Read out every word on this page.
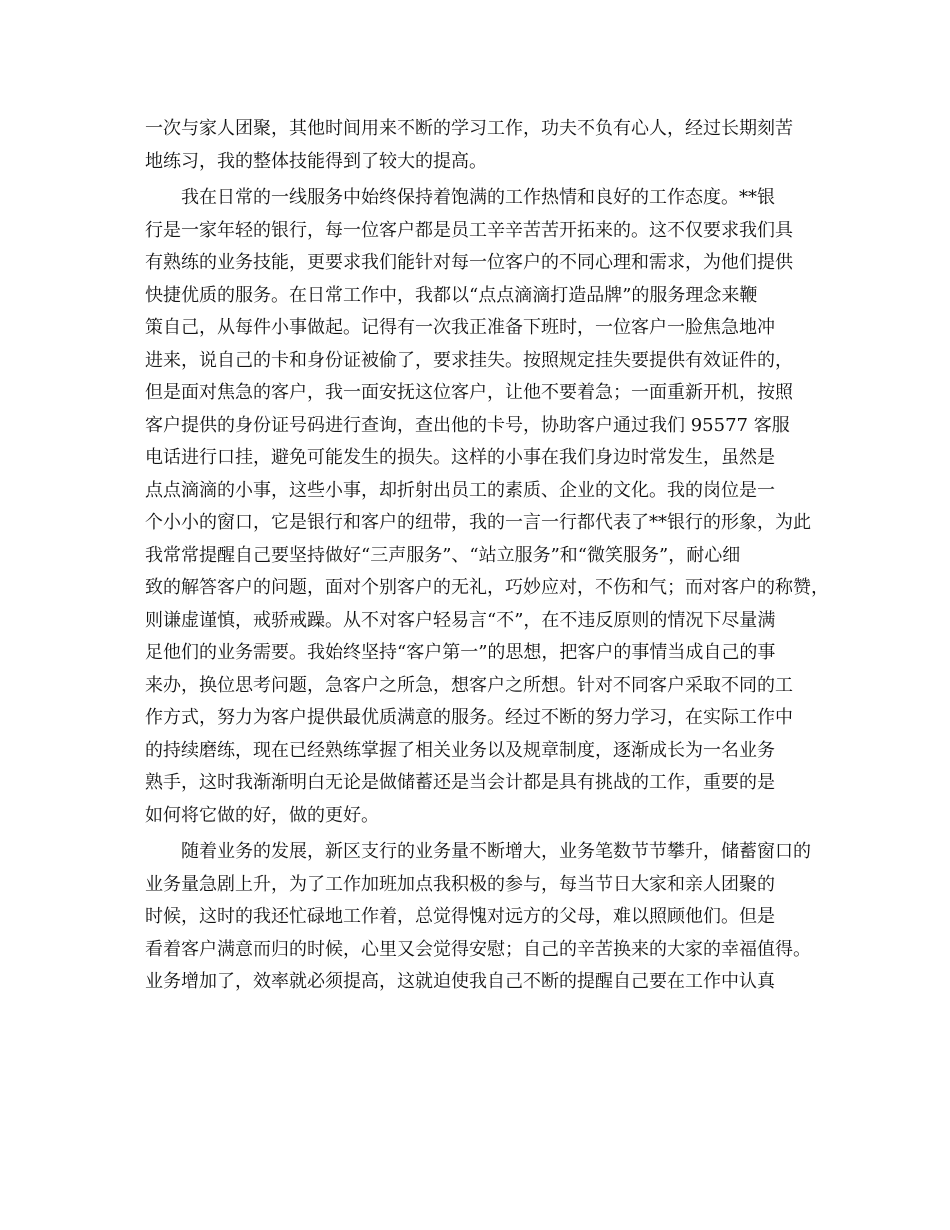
一次与家人团聚，其他时间用来不断的学习工作，功夫不负有心人，经过长期刻苦
地练习，我的整体技能得到了较大的提高。
我在日常的一线服务中始终保持着饱满的工作热情和良好的工作态度。**银
行是一家年轻的银行，每一位客户都是员工辛辛苦苦开拓来的。这不仅要求我们具
有熟练的业务技能，更要求我们能针对每一位客户的不同心理和需求，为他们提供
快捷优质的服务。在日常工作中，我都以“点点滴滴打造品牌”的服务理念来鞭
策自己，从每件小事做起。记得有一次我正准备下班时，一位客户一脸焦急地冲
进来，说自己的卡和身份证被偷了，要求挂失。按照规定挂失要提供有效证件的，
但是面对焦急的客户，我一面安抚这位客户，让他不要着急；一面重新开机，按照
客户提供的身份证号码进行查询，查出他的卡号，协助客户通过我们 95577 客服
电话进行口挂，避免可能发生的损失。这样的小事在我们身边时常发生，虽然是
点点滴滴的小事，这些小事，却折射出员工的素质、企业的文化。我的岗位是一
个小小的窗口，它是银行和客户的纽带，我的一言一行都代表了**银行的形象，为此
我常常提醒自己要坚持做好“三声服务”、“站立服务”和“微笑服务”，耐心细
致的解答客户的问题，面对个别客户的无礼，巧妙应对，不伤和气；而对客户的称赞，
则谦虚谨慎，戒骄戒躁。从不对客户轻易言“不”，在不违反原则的情况下尽量满
足他们的业务需要。我始终坚持“客户第一”的思想，把客户的事情当成自己的事
来办，换位思考问题，急客户之所急，想客户之所想。针对不同客户采取不同的工
作方式，努力为客户提供最优质满意的服务。经过不断的努力学习，在实际工作中
的持续磨练，现在已经熟练掌握了相关业务以及规章制度，逐渐成长为一名业务
熟手，这时我渐渐明白无论是做储蓄还是当会计都是具有挑战的工作，重要的是
如何将它做的好，做的更好。
随着业务的发展，新区支行的业务量不断增大，业务笔数节节攀升，储蓄窗口的
业务量急剧上升，为了工作加班加点我积极的参与，每当节日大家和亲人团聚的
时候，这时的我还忙碌地工作着，总觉得愧对远方的父母，难以照顾他们。但是
看着客户满意而归的时候，心里又会觉得安慰；自己的辛苦换来的大家的幸福值得。
业务增加了，效率就必须提高，这就迫使我自己不断的提醒自己要在工作中认真
